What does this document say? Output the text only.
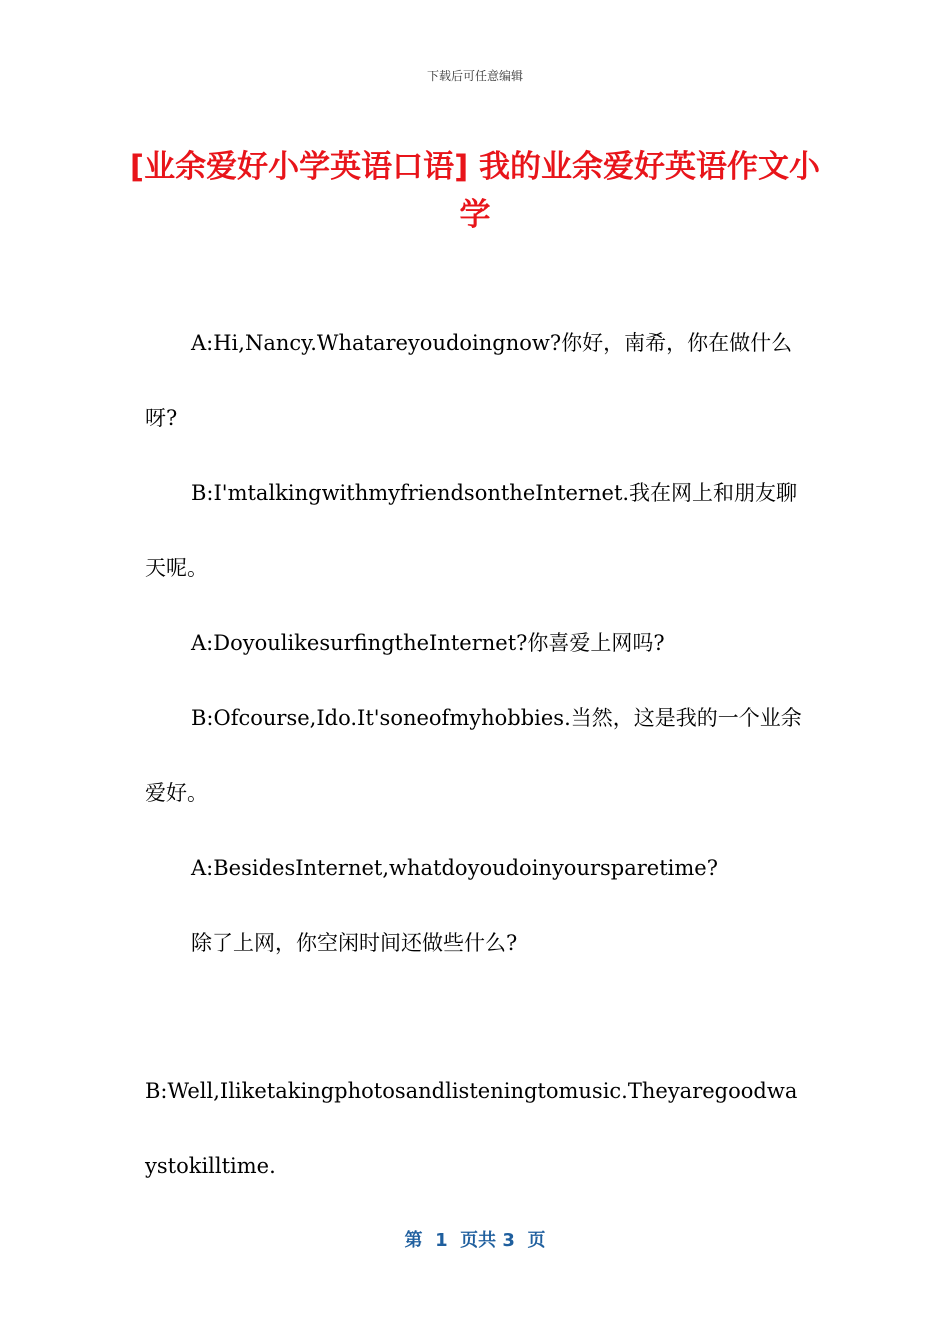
下载后可任意编辑
[业余爱好小学英语口语] 我的业余爱好英语作文小学
A:Hi,Nancy.Whatareyoudoingnow?你好，南希，你在做什么呀?
B:I'mtalkingwithmyfriendsontheInternet.我在网上和朋友聊天呢。
A:DoyoulikesurfingtheInternet?你喜爱上网吗?
B:Ofcourse,Ido.It'soneofmyhobbies.当然，这是我的一个业余爱好。
A:BesidesInternet,whatdoyoudoinyoursparetime?
除了上网，你空闲时间还做些什么?
B:Well,Iliketakingphotosandlisteningtomusic.Theyaregoodwaystokilltime.
第  1  页共 3  页
